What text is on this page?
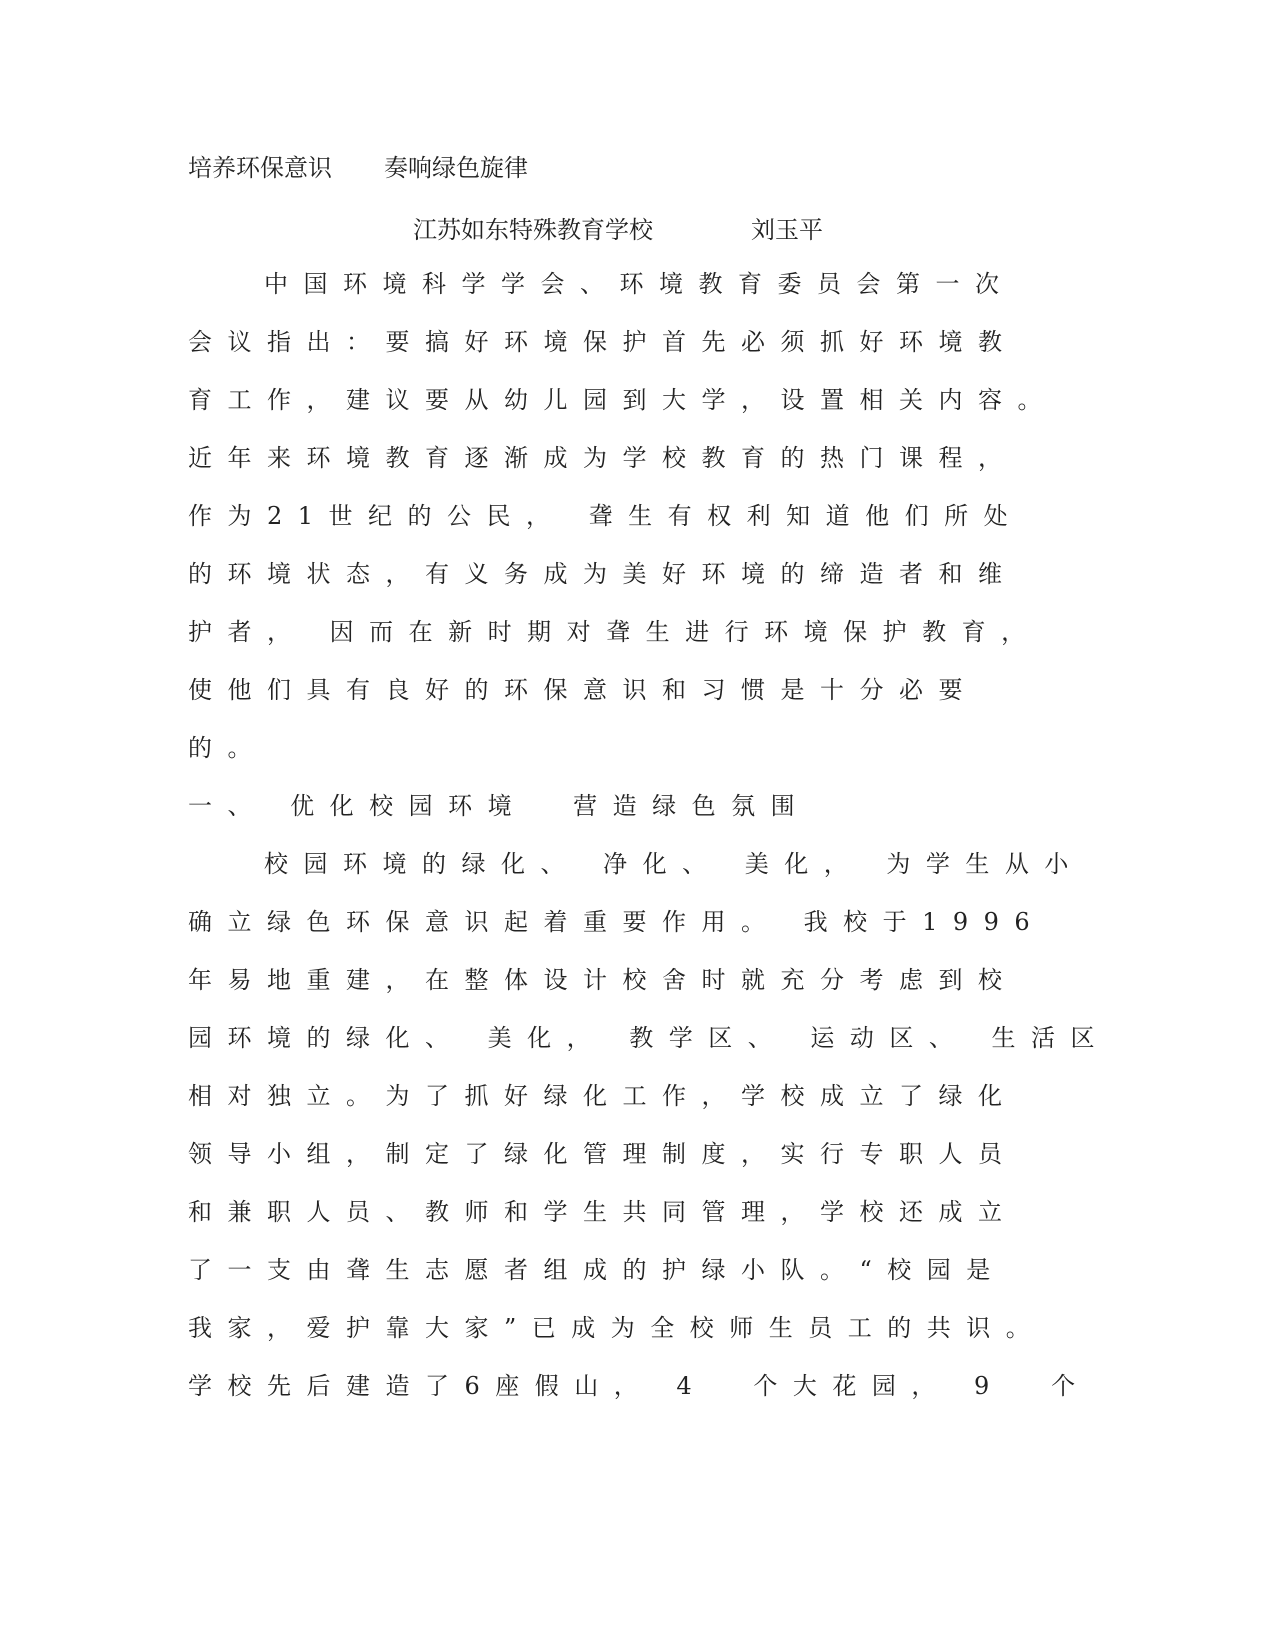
培养环保意识 奏响绿色旋律
江苏如东特殊教育学校	刘玉平
中国环境科学学会、环境教育委员会第一次
会议指出：要搞好环境保护首先必须抓好环境教
育工作，建议要从幼儿园到大学，设置相关内容。
近年来环境教育逐渐成为学校教育的热门课程，
作为21世纪的公民， 聋生有权利知道他们所处
的环境状态，有义务成为美好环境的缔造者和维
护者， 因而在新时期对聋生进行环境保护教育，
使他们具有良好的环保意识和习惯是十分必要
的。
一、 优化校园环境 营造绿色氛围
校园环境的绿化、 净化、 美化， 为学生从小
确立绿色环保意识起着重要作用。 我校于1996
年易地重建，在整体设计校舍时就充分考虑到校
园环境的绿化、 美化， 教学区、 运动区、 生活区
相对独立。为了抓好绿化工作，学校成立了绿化
领导小组，制定了绿化管理制度，实行专职人员
和兼职人员、教师和学生共同管理，学校还成立
了一支由聋生志愿者组成的护绿小队。“校园是
我家，爱护靠大家”已成为全校师生员工的共识。
学校先后建造了6座假山， 4  个大花园， 9  个
